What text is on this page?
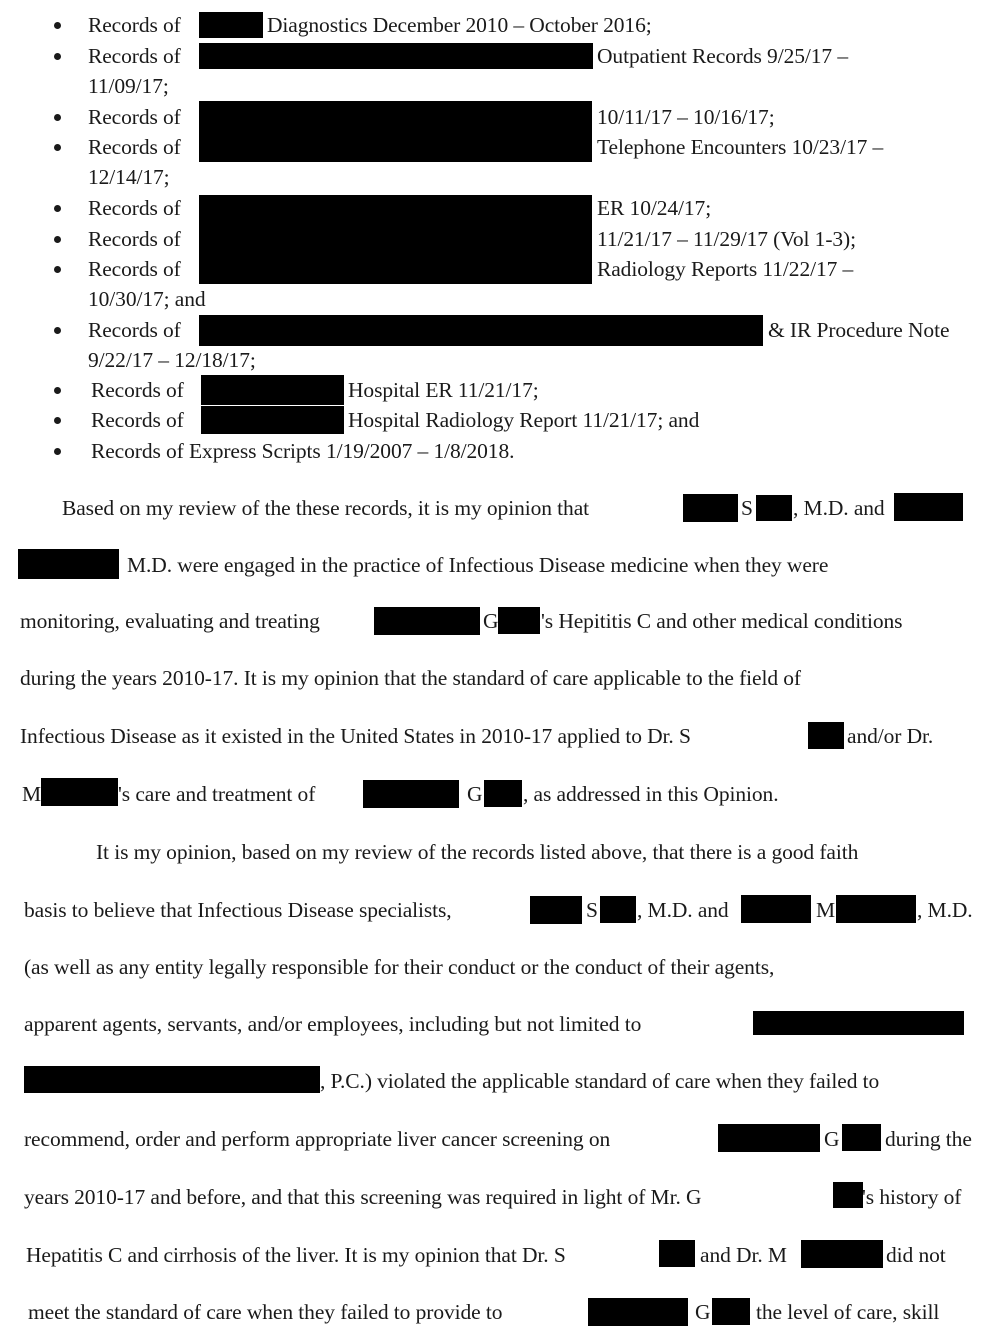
Records of	Diagnostics December 2010 – October 2016;
Records of	Outpatient Records 9/25/17 –
11/09/17;
Records of	10/11/17 – 10/16/17;
Records of	Telephone Encounters 10/23/17 –
12/14/17;
Records of	ER 10/24/17;
Records of	11/21/17 – 11/29/17 (Vol 1-3);
Records of	Radiology Reports 11/22/17 –
10/30/17; and
Records of	& IR Procedure Note
9/22/17 – 12/18/17;
Records of	Hospital ER 11/21/17;
Records of	Hospital Radiology Report 11/21/17; and
Records of Express Scripts 1/19/2007 – 1/8/2018.
Based on my review of the these records, it is my opinion that	S , M.D. and
M.D. were engaged in the practice of Infectious Disease medicine when they were
monitoring, evaluating and treating	G 's Hepititis C and other medical conditions
during the years 2010-17. It is my opinion that the standard of care applicable to the field of
Infectious Disease as it existed in the United States in 2010-17 applied to Dr. S	and/or Dr.
M	's care and treatment of	G , as addressed in this Opinion.
It is my opinion, based on my review of the records listed above, that there is a good faith
basis to believe that Infectious Disease specialists,	S , M.D. and	M	, M.D.
(as well as any entity legally responsible for their conduct or the conduct of their agents,
apparent agents, servants, and/or employees, including but not limited to
, P.C.) violated the applicable standard of care when they failed to
recommend, order and perform appropriate liver cancer screening on	G during the
years 2010-17 and before, and that this screening was required in light of Mr. G	's history of
Hepatitis C and cirrhosis of the liver. It is my opinion that Dr. S	and Dr. M	did not
meet the standard of care when they failed to provide to	G the level of care, skill
